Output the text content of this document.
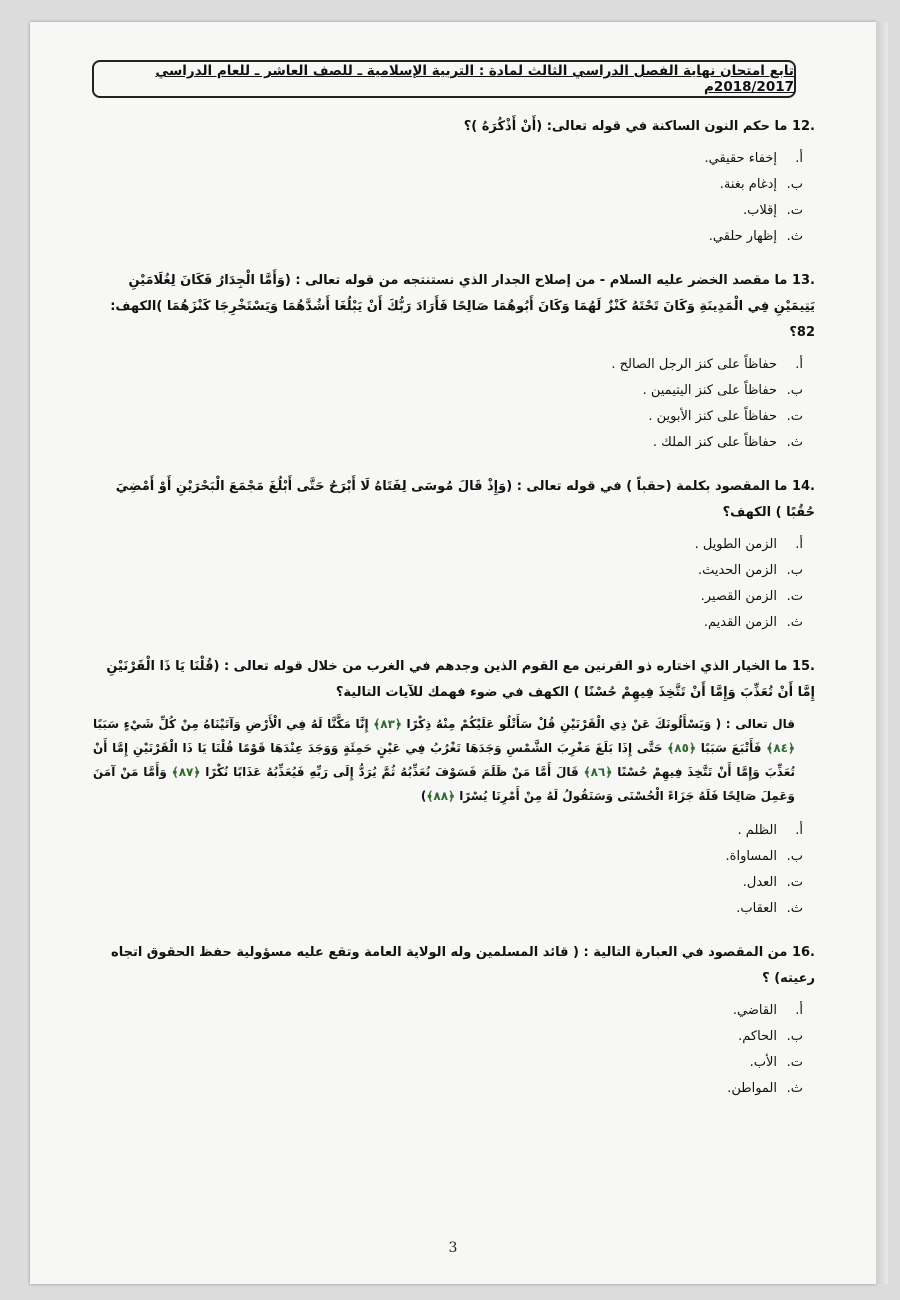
تابع امتحان نهاية الفصل الدراسي الثالث لمادة : التربية الإسلامية ـ للصف العاشر ـ للعام الدراسي 2018/2017م
12. ما حكم النون الساكنة في قوله تعالى: (أَنْ أَذْكُرَهُ )؟
أ.إخفاء حقيقي.
ب.إدغام بغنة.
ت.إقلاب.
ث.إظهار حلقي.
13. ما مقصد الخضر عليه السلام - من إصلاح الجدار الذي نستنتجه من قوله تعالى : (وَأَمَّا الْجِدَارُ فَكَانَ لِغُلَامَيْنِ يَتِيمَيْنِ فِي الْمَدِينَةِ وَكَانَ تَحْتَهُ كَنْزٌ لَهُمَا وَكَانَ أَبُوهُمَا صَالِحًا فَأَرَادَ رَبُّكَ أَنْ يَبْلُغَا أَشُدَّهُمَا وَيَسْتَخْرِجَا كَنْزَهُمَا )الكهف: 82؟
أ.حفاظاً على كنز الرجل الصالح .
ب.حفاظاً على كنز اليتيمين .
ت.حفاظاً على كنز الأبوين .
ث.حفاظاً على كنز الملك .
14. ما المقصود بكلمة (حقباً ) في قوله تعالى : (وَإِذْ قَالَ مُوسَى لِفَتَاهُ لَا أَبْرَحُ حَتَّى أَبْلُغَ مَجْمَعَ الْبَحْرَيْنِ أَوْ أَمْضِيَ حُقُبًا ) الكهف؟
أ.الزمن الطويل .
ب.الزمن الحديث.
ت.الزمن القصير.
ث.الزمن القديم.
15. ما الخيار الذي اختاره ذو القرنين مع القوم الذين وجدهم في الغرب من خلال قوله تعالى : (قُلْنَا يَا ذَا الْقَرْنَيْنِ إِمَّا أَنْ تُعَذِّبَ وَإِمَّا أَنْ تَتَّخِذَ فِيهِمْ حُسْنًا ) الكهف في ضوء فهمك للآيات التالية؟
قال تعالى : ( وَيَسْأَلُونَكَ عَنْ ذِي الْقَرْنَيْنِ قُلْ سَأَتْلُو عَلَيْكُمْ مِنْهُ ذِكْرًا ﴿٨٣﴾ إِنَّا مَكَّنَّا لَهُ فِي الْأَرْضِ وَآتَيْنَاهُ مِنْ كُلِّ شَيْءٍ سَبَبًا ﴿٨٤﴾ فَأَتْبَعَ سَبَبًا ﴿٨٥﴾ حَتَّى إِذَا بَلَغَ مَغْرِبَ الشَّمْسِ وَجَدَهَا تَغْرُبُ فِي عَيْنٍ حَمِئَةٍ وَوَجَدَ عِنْدَهَا قَوْمًا قُلْنَا يَا ذَا الْقَرْنَيْنِ إِمَّا أَنْ تُعَذِّبَ وَإِمَّا أَنْ تَتَّخِذَ فِيهِمْ حُسْنًا ﴿٨٦﴾ قَالَ أَمَّا مَنْ ظَلَمَ فَسَوْفَ نُعَذِّبُهُ ثُمَّ يُرَدُّ إِلَى رَبِّهِ فَيُعَذِّبُهُ عَذَابًا نُكْرًا ﴿٨٧﴾ وَأَمَّا مَنْ آمَنَ وَعَمِلَ صَالِحًا فَلَهُ جَزَاءً الْحُسْنَى وَسَنَقُولُ لَهُ مِنْ أَمْرِنَا يُسْرًا ﴿٨٨﴾)
أ.الظلم .
ب.المساواة.
ت.العدل.
ث.العقاب.
16. من المقصود في العبارة التالية : ( قائد المسلمين وله الولاية العامة وتقع عليه مسؤولية حفظ الحقوق اتجاه رعيته) ؟
أ.القاضي.
ب.الحاكم.
ت.الأب.
ث.المواطن.
3
